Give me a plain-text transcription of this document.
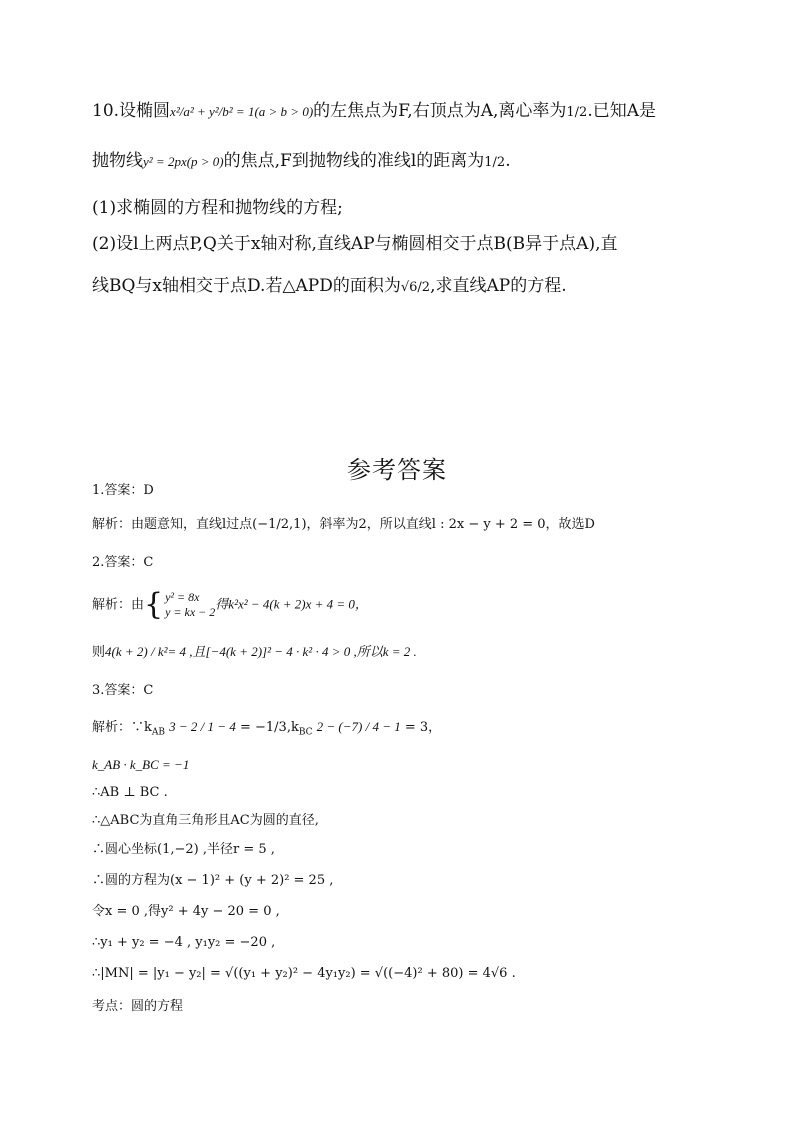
10.设椭圆x²/a² + y²/b² = 1(a > b > 0)的左焦点为F,右顶点为A,离心率为1/2.已知A是
抛物线y² = 2px(p > 0)的焦点,F到抛物线的准线l的距离为1/2.
(1)求椭圆的方程和抛物线的方程;
(2)设l上两点P,Q关于x轴对称,直线AP与椭圆相交于点B(B异于点A),直
线BQ与x轴相交于点D.若△APD的面积为√6/2,求直线AP的方程.
参考答案
1.答案：D
解析：由题意知，直线l过点(−1/2,1)，斜率为2，所以直线l : 2x − y + 2 = 0，故选D
2.答案：C
解析：由{ y² = 8x
y = kx − 2
得k²x² − 4(k + 2)x + 4 = 0，
则4(k + 2) / k²= 4 ,且[−4(k + 2)]² − 4 · k² · 4 > 0 ,所以k = 2 .
3.答案：C
解析：$\because k_{AB}$ $3 - 2 / 1 - 4 = -1/3,k_{BC}$ 2 − (−7) / 4 − 1 = 3，
k_AB · k_BC = −1
∴AB ⊥ BC .
∴△ABC为直角三角形且AC为圆的直径,
∴圆心坐标(1,−2) ,半径r = 5 ,
∴圆的方程为(x − 1)² + (y + 2)² = 25 ,
令x = 0 ,得y² + 4y − 20 = 0 ,
∴y₁ + y₂ = −4 , y₁y₂ = −20 ,
∴|MN| = |y₁ − y₂| = √((y₁ + y₂)² − 4y₁y₂) = √((−4)² + 80) = 4√6 .
考点：圆的方程
